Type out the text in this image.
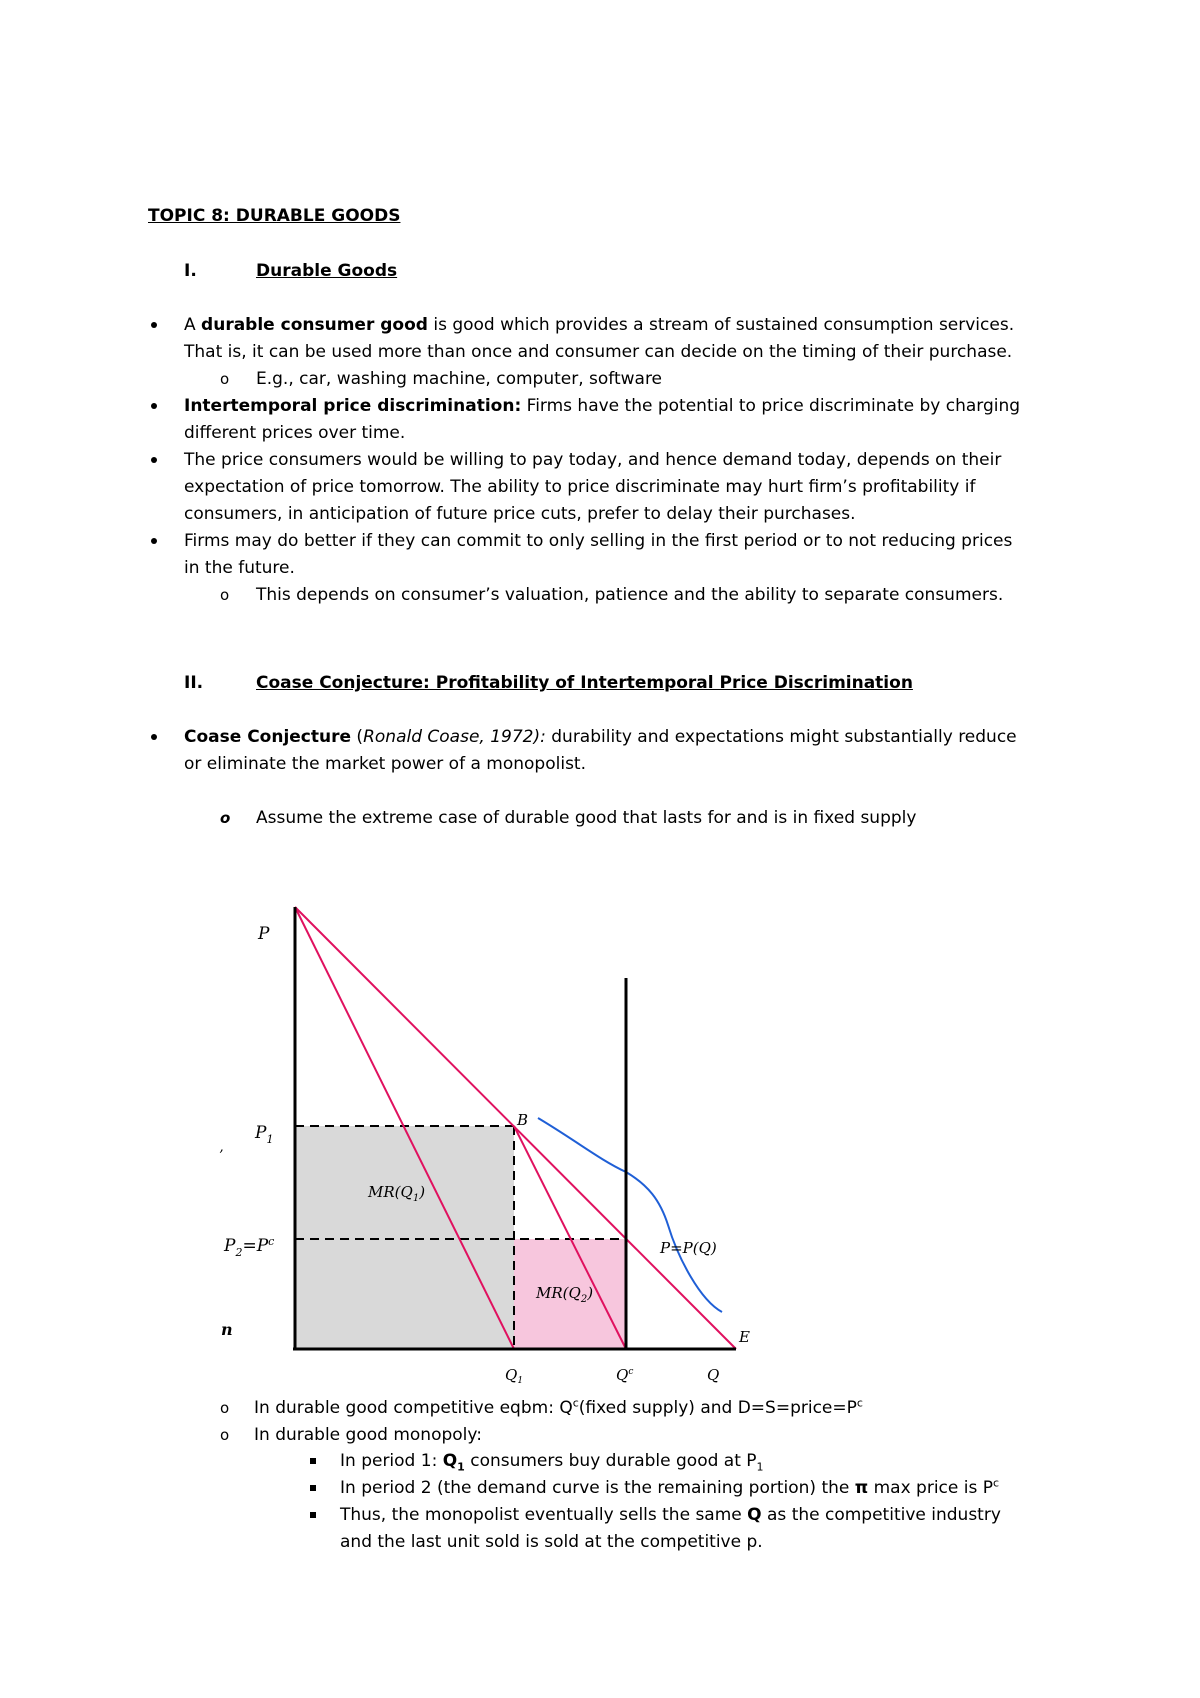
TOPIC 8: DURABLE GOODS
I.	Durable Goods
A durable consumer good is good which provides a stream of sustained consumption services.
That is, it can be used more than once and consumer can decide on the timing of their purchase.
o E.g., car, washing machine, computer, software
Intertemporal price discrimination: Firms have the potential to price discriminate by charging
different prices over time.
The price consumers would be willing to pay today, and hence demand today, depends on their
expectation of price tomorrow. The ability to price discriminate may hurt firm’s profitability if
consumers, in anticipation of future price cuts, prefer to delay their purchases.
Firms may do better if they can commit to only selling in the first period or to not reducing prices
in the future.
o This depends on consumer’s valuation, patience and the ability to separate consumers.
II.	Coase Conjecture: Profitability of Intertemporal Price Discrimination
Coase Conjecture (Ronald Coase, 1972): durability and expectations might substantially reduce
or eliminate the market power of a monopolist.
o Assume the extreme case of durable good that lasts for and is in fixed supply
P
$P_1$
$P_2=P^c$
B
$MR(Q_1)$
$MR(Q_2)$
P=P(Q)
E
$Q_1$	$Q^c$	Q
’
n
o In durable good competitive eqbm: $Q^c(fixed$ supply) and $D=S=price=P^c$
o In durable good monopoly:
In period 1: $Q_1$ consumers buy durable good at $P_1$
In period 2 (the demand curve is the remaining portion) the π max price is $P^c$
Thus, the monopolist eventually sells the same Q as the competitive industry
and the last unit sold is sold at the competitive p.
